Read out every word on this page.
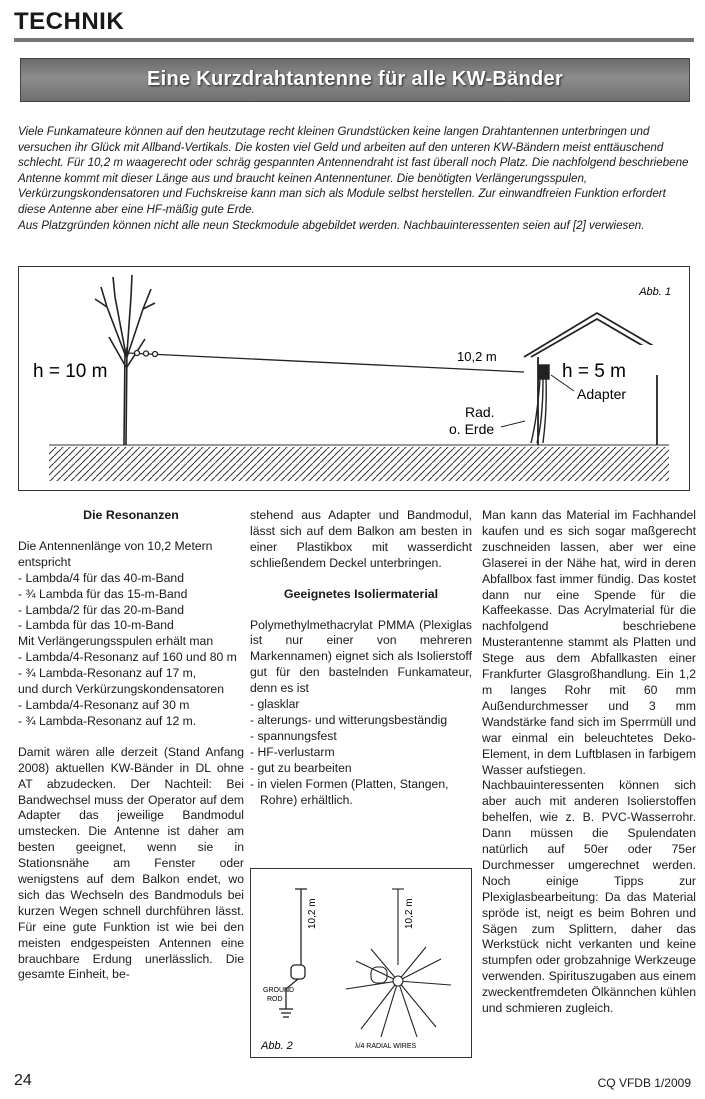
TECHNIK
Eine Kurzdrahtantenne für alle KW-Bänder

Viele Funkamateure können auf den heutzutage recht kleinen Grundstücken keine langen Drahtantennen unterbringen und versuchen ihr Glück mit Allband-Vertikals. Die kosten viel Geld und arbeiten auf den unteren KW-Bändern meist enttäuschend schlecht. Für 10,2 m waagerecht oder schräg gespannten Antennendraht ist fast überall noch Platz. Die nachfolgend beschriebene Antenne kommt mit dieser Länge aus und braucht keinen Antennentuner. Die benötigten Verlängerungsspulen, Verkürzungskondensatoren und Fuchskreise kann man sich als Module selbst herstellen. Zur einwandfreien Funktion erfordert diese Antenne aber eine HF-mäßig gute Erde.

Aus Platzgründen können nicht alle neun Steckmodule abgebildet werden. Nachbauinteressenten seien auf [2] verwiesen.

Abb. 1
h = 10 m
10,2 m
h = 5 m
Adapter
Rad.
o. Erde
Die Resonanzen

Die Antennenlänge von 10,2 Metern entspricht

- Lambda/4 für das 40-m-Band
- ¾ Lambda für das 15-m-Band
- Lambda/2 für das 20-m-Band
- Lambda für das 10-m-Band

Mit Verlängerungsspulen erhält man

- Lambda/4-Resonanz auf 160 und 80 m
- ¾ Lambda-Resonanz auf 17 m,

und durch Verkürzungskondensatoren

- Lambda/4-Resonanz auf 30 m
- ¾ Lambda-Resonanz auf 12 m.

Damit wären alle derzeit (Stand Anfang 2008) aktuellen KW-Bänder in DL ohne AT abzudecken. Der Nachteil: Bei Bandwechsel muss der Operator auf dem Adapter das jeweilige Bandmodul umstecken. Die Antenne ist daher am besten geeignet, wenn sie in Stationsnähe am Fenster oder wenigstens auf dem Balkon endet, wo sich das Wechseln des Bandmoduls bei kurzen Wegen schnell durchführen lässt. Für eine gute Funktion ist wie bei den meisten endgespeisten Antennen eine brauchbare Erdung unerlässlich. Die gesamte Einheit, be-

stehend aus Adapter und Bandmodul, lässt sich auf dem Balkon am besten in einer Plastikbox mit wasserdicht schließendem Deckel unterbringen.

Geeignetes Isoliermaterial

Polymethylmethacrylat PMMA (Plexiglas ist nur einer von mehreren Markennamen) eignet sich als Isolierstoff gut für den bastelnden Funkamateur, denn es ist

- glasklar
- alterungs- und witterungsbeständig
- spannungsfest
- HF-verlustarm
- gut zu bearbeiten
- in vielen Formen (Platten, Stangen, Rohre) erhältlich.
10,2 m
GROUND
ROD
10,2 m
Abb. 2	λ/4 RADIAL WIRES

Man kann das Material im Fachhandel kaufen und es sich sogar maßgerecht zuschneiden lassen, aber wer eine Glaserei in der Nähe hat, wird in deren Abfallbox fast immer fündig. Das kostet dann nur eine Spende für die Kaffeekasse. Das Acrylmaterial für die nachfolgend beschriebene Musterantenne stammt als Platten und Stege aus dem Abfallkasten einer Frankfurter Glasgroßhandlung. Ein 1,2 m langes Rohr mit 60 mm Außendurchmesser und 3 mm Wandstärke fand sich im Sperrmüll und war einmal ein beleuchtetes Deko-Element, in dem Luftblasen in farbigem Wasser aufstiegen.

Nachbauinteressenten können sich aber auch mit anderen Isolierstoffen behelfen, wie z. B. PVC-Wasserrohr. Dann müssen die Spulendaten natürlich auf 50er oder 75er Durchmesser umgerechnet werden. Noch einige Tipps zur Plexiglasbearbeitung: Da das Material spröde ist, neigt es beim Bohren und Sägen zum Splittern, daher das Werkstück nicht verkanten und keine stumpfen oder grobzahnige Werkzeuge verwenden. Spirituszugaben aus einem zweckentfremdeten Ölkännchen kühlen und schmieren zugleich.

24	CQ VFDB 1/2009
